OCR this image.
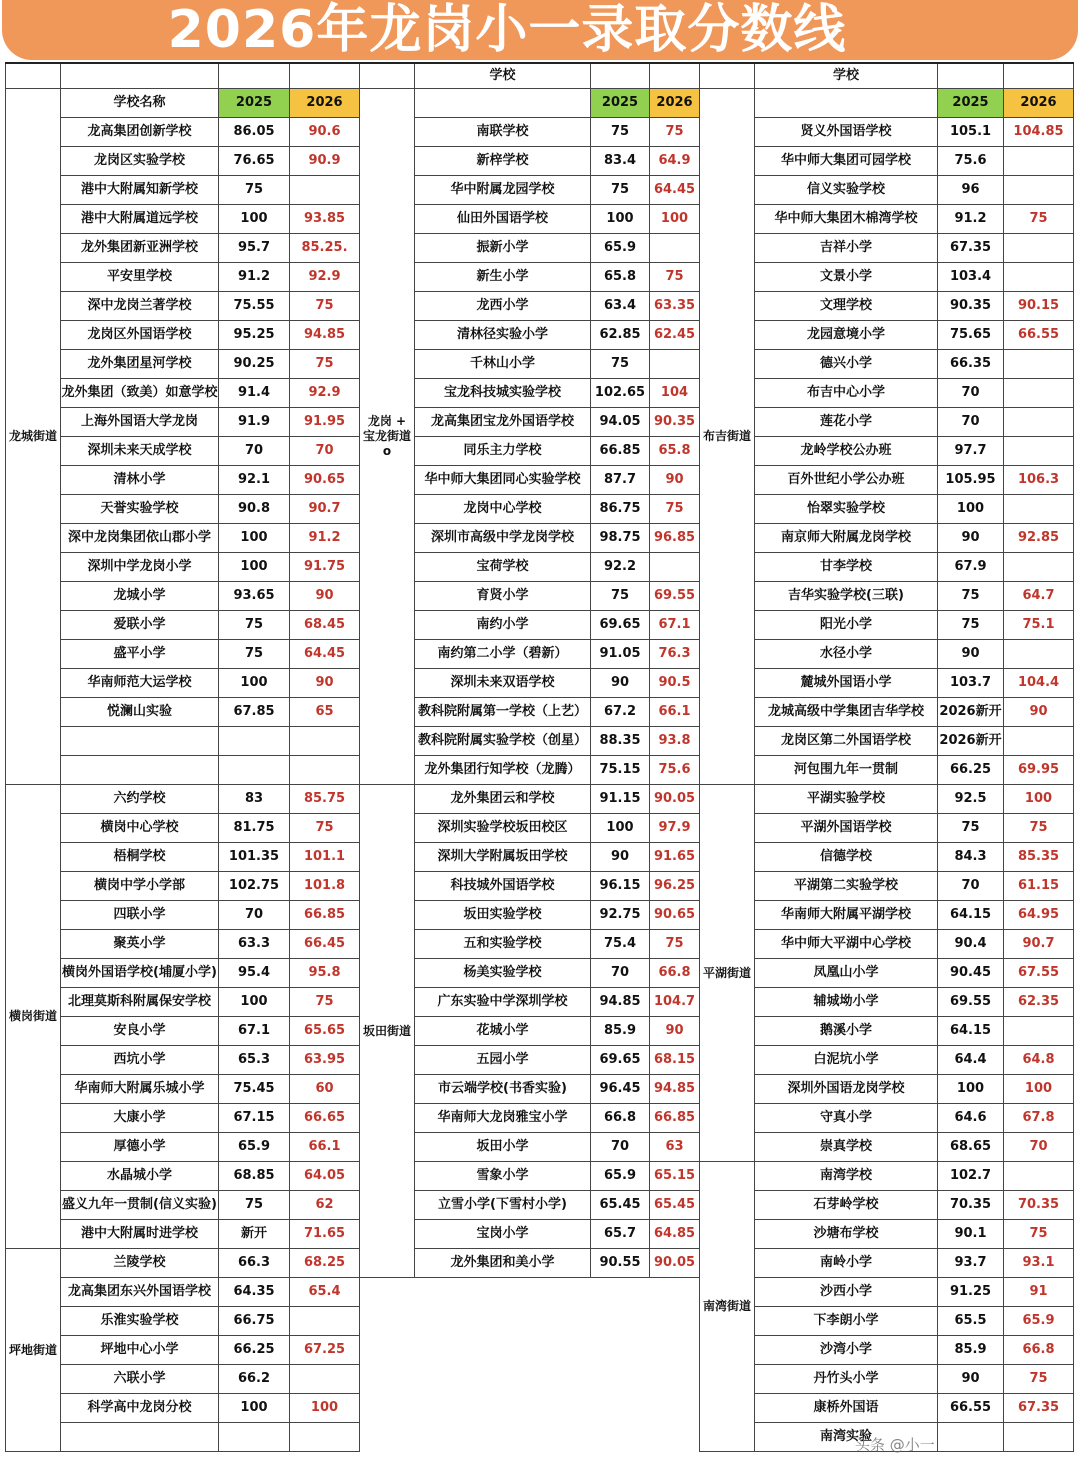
2026年龙岗小一录取分数线
					学校				学校		
龙城街道	学校名称	2025	2026	龙岗 + 宝龙街道 o		2025	2026	布吉街道		2025	2026
	龙高集团创新学校	86.05	90.6		南联学校	75	75		贤义外国语学校	105.1	104.85
	龙岗区实验学校	76.65	90.9		新梓学校	83.4	64.9		华中师大集团可园学校	75.6	
	港中大附属知新学校	75			华中附属龙园学校	75	64.45		信义实验学校	96	
	港中大附属道远学校	100	93.85		仙田外国语学校	100	100		华中师大集团木棉湾学校	91.2	75
	龙外集团新亚洲学校	95.7	85.25.		振新小学	65.9			吉祥小学	67.35	
	平安里学校	91.2	92.9		新生小学	65.8	75		文景小学	103.4	
	深中龙岗兰著学校	75.55	75		龙西小学	63.4	63.35		文理学校	90.35	90.15
	龙岗区外国语学校	95.25	94.85		清林径实验小学	62.85	62.45		龙园意境小学	75.65	66.55
	龙外集团星河学校	90.25	75		千林山小学	75			德兴小学	66.35	
	龙外集团（致美）如意学校	91.4	92.9		宝龙科技城实验学校	102.65	104		布吉中心小学	70	
	上海外国语大学龙岗	91.9	91.95		龙高集团宝龙外国语学校	94.05	90.35		莲花小学	70	
	深圳未来天成学校	70	70		同乐主力学校	66.85	65.8		龙岭学校公办班	97.7	
	清林小学	92.1	90.65		华中师大集团同心实验学校	87.7	90		百外世纪小学公办班	105.95	106.3
	天誉实验学校	90.8	90.7		龙岗中心学校	86.75	75		怡翠实验学校	100	
	深中龙岗集团依山郡小学	100	91.2		深圳市高级中学龙岗学校	98.75	96.85		南京师大附属龙岗学校	90	92.85
	深圳中学龙岗小学	100	91.75		宝荷学校	92.2			甘李学校	67.9	
	龙城小学	93.65	90		育贤小学	75	69.55		吉华实验学校(三联)	75	64.7
	爱联小学	75	68.45		南约小学	69.65	67.1		阳光小学	75	75.1
	盛平小学	75	64.45		南约第二小学（碧新）	91.05	76.3		水径小学	90	
	华南师范大运学校	100	90		深圳未来双语学校	90	90.5		麓城外国语小学	103.7	104.4
	悦澜山实验	67.85	65		教科院附属第一学校（上艺）	67.2	66.1		龙城高级中学集团吉华学校	2026新开	90
					教科院附属实验学校（创星）	88.35	93.8		龙岗区第二外国语学校	2026新开	
					龙外集团行知学校（龙腾）	75.15	75.6		河包围九年一贯制	66.25	69.95
横岗街道	六约学校	83	85.75	坂田街道	龙外集团云和学校	91.15	90.05	平湖街道	平湖实验学校	92.5	100
	横岗中心学校	81.75	75		深圳实验学校坂田校区	100	97.9		平湖外国语学校	75	75
	梧桐学校	101.35	101.1		深圳大学附属坂田学校	90	91.65		信德学校	84.3	85.35
	横岗中学小学部	102.75	101.8		科技城外国语学校	96.15	96.25		平湖第二实验学校	70	61.15
	四联小学	70	66.85		坂田实验学校	92.75	90.65		华南师大附属平湖学校	64.15	64.95
	聚英小学	63.3	66.45		五和实验学校	75.4	75		华中师大平湖中心学校	90.4	90.7
	横岗外国语学校(埔厦小学)	95.4	95.8		杨美实验学校	70	66.8		凤凰山小学	90.45	67.55
	北理莫斯科附属保安学校	100	75		广东实验中学深圳学校	94.85	104.7		辅城坳小学	69.55	62.35
	安良小学	67.1	65.65		花城小学	85.9	90		鹅溪小学	64.15	
	西坑小学	65.3	63.95		五园小学	69.65	68.15		白泥坑小学	64.4	64.8
	华南师大附属乐城小学	75.45	60		市云端学校(书香实验)	96.45	94.85		深圳外国语龙岗学校	100	100
	大康小学	67.15	66.65		华南师大龙岗雅宝小学	66.8	66.85		守真小学	64.6	67.8
	厚德小学	65.9	66.1		坂田小学	70	63		崇真学校	68.65	70
	水晶城小学	68.85	64.05		雪象小学	65.9	65.15	南湾街道	南湾学校	102.7	
	盛义九年一贯制(信义实验)	75	62		立雪小学(下雪村小学)	65.45	65.45		石芽岭学校	70.35	70.35
	港中大附属时进学校	新开	71.65		宝岗小学	65.7	64.85		沙塘布学校	90.1	75
坪地街道	兰陵学校	66.3	68.25		龙外集团和美小学	90.55	90.05		南岭小学	93.7	93.1
	龙高集团东兴外国语学校	64.35	65.4						沙西小学	91.25	91
	乐淮实验学校	66.75							下李朗小学	65.5	65.9
	坪地中心小学	66.25	67.25						沙湾小学	85.9	66.8
	六联小学	66.2							丹竹头小学	90	75
	科学高中龙岗分校	100	100						康桥外国语	66.55	67.35
									南湾实验		
头条 @小一
